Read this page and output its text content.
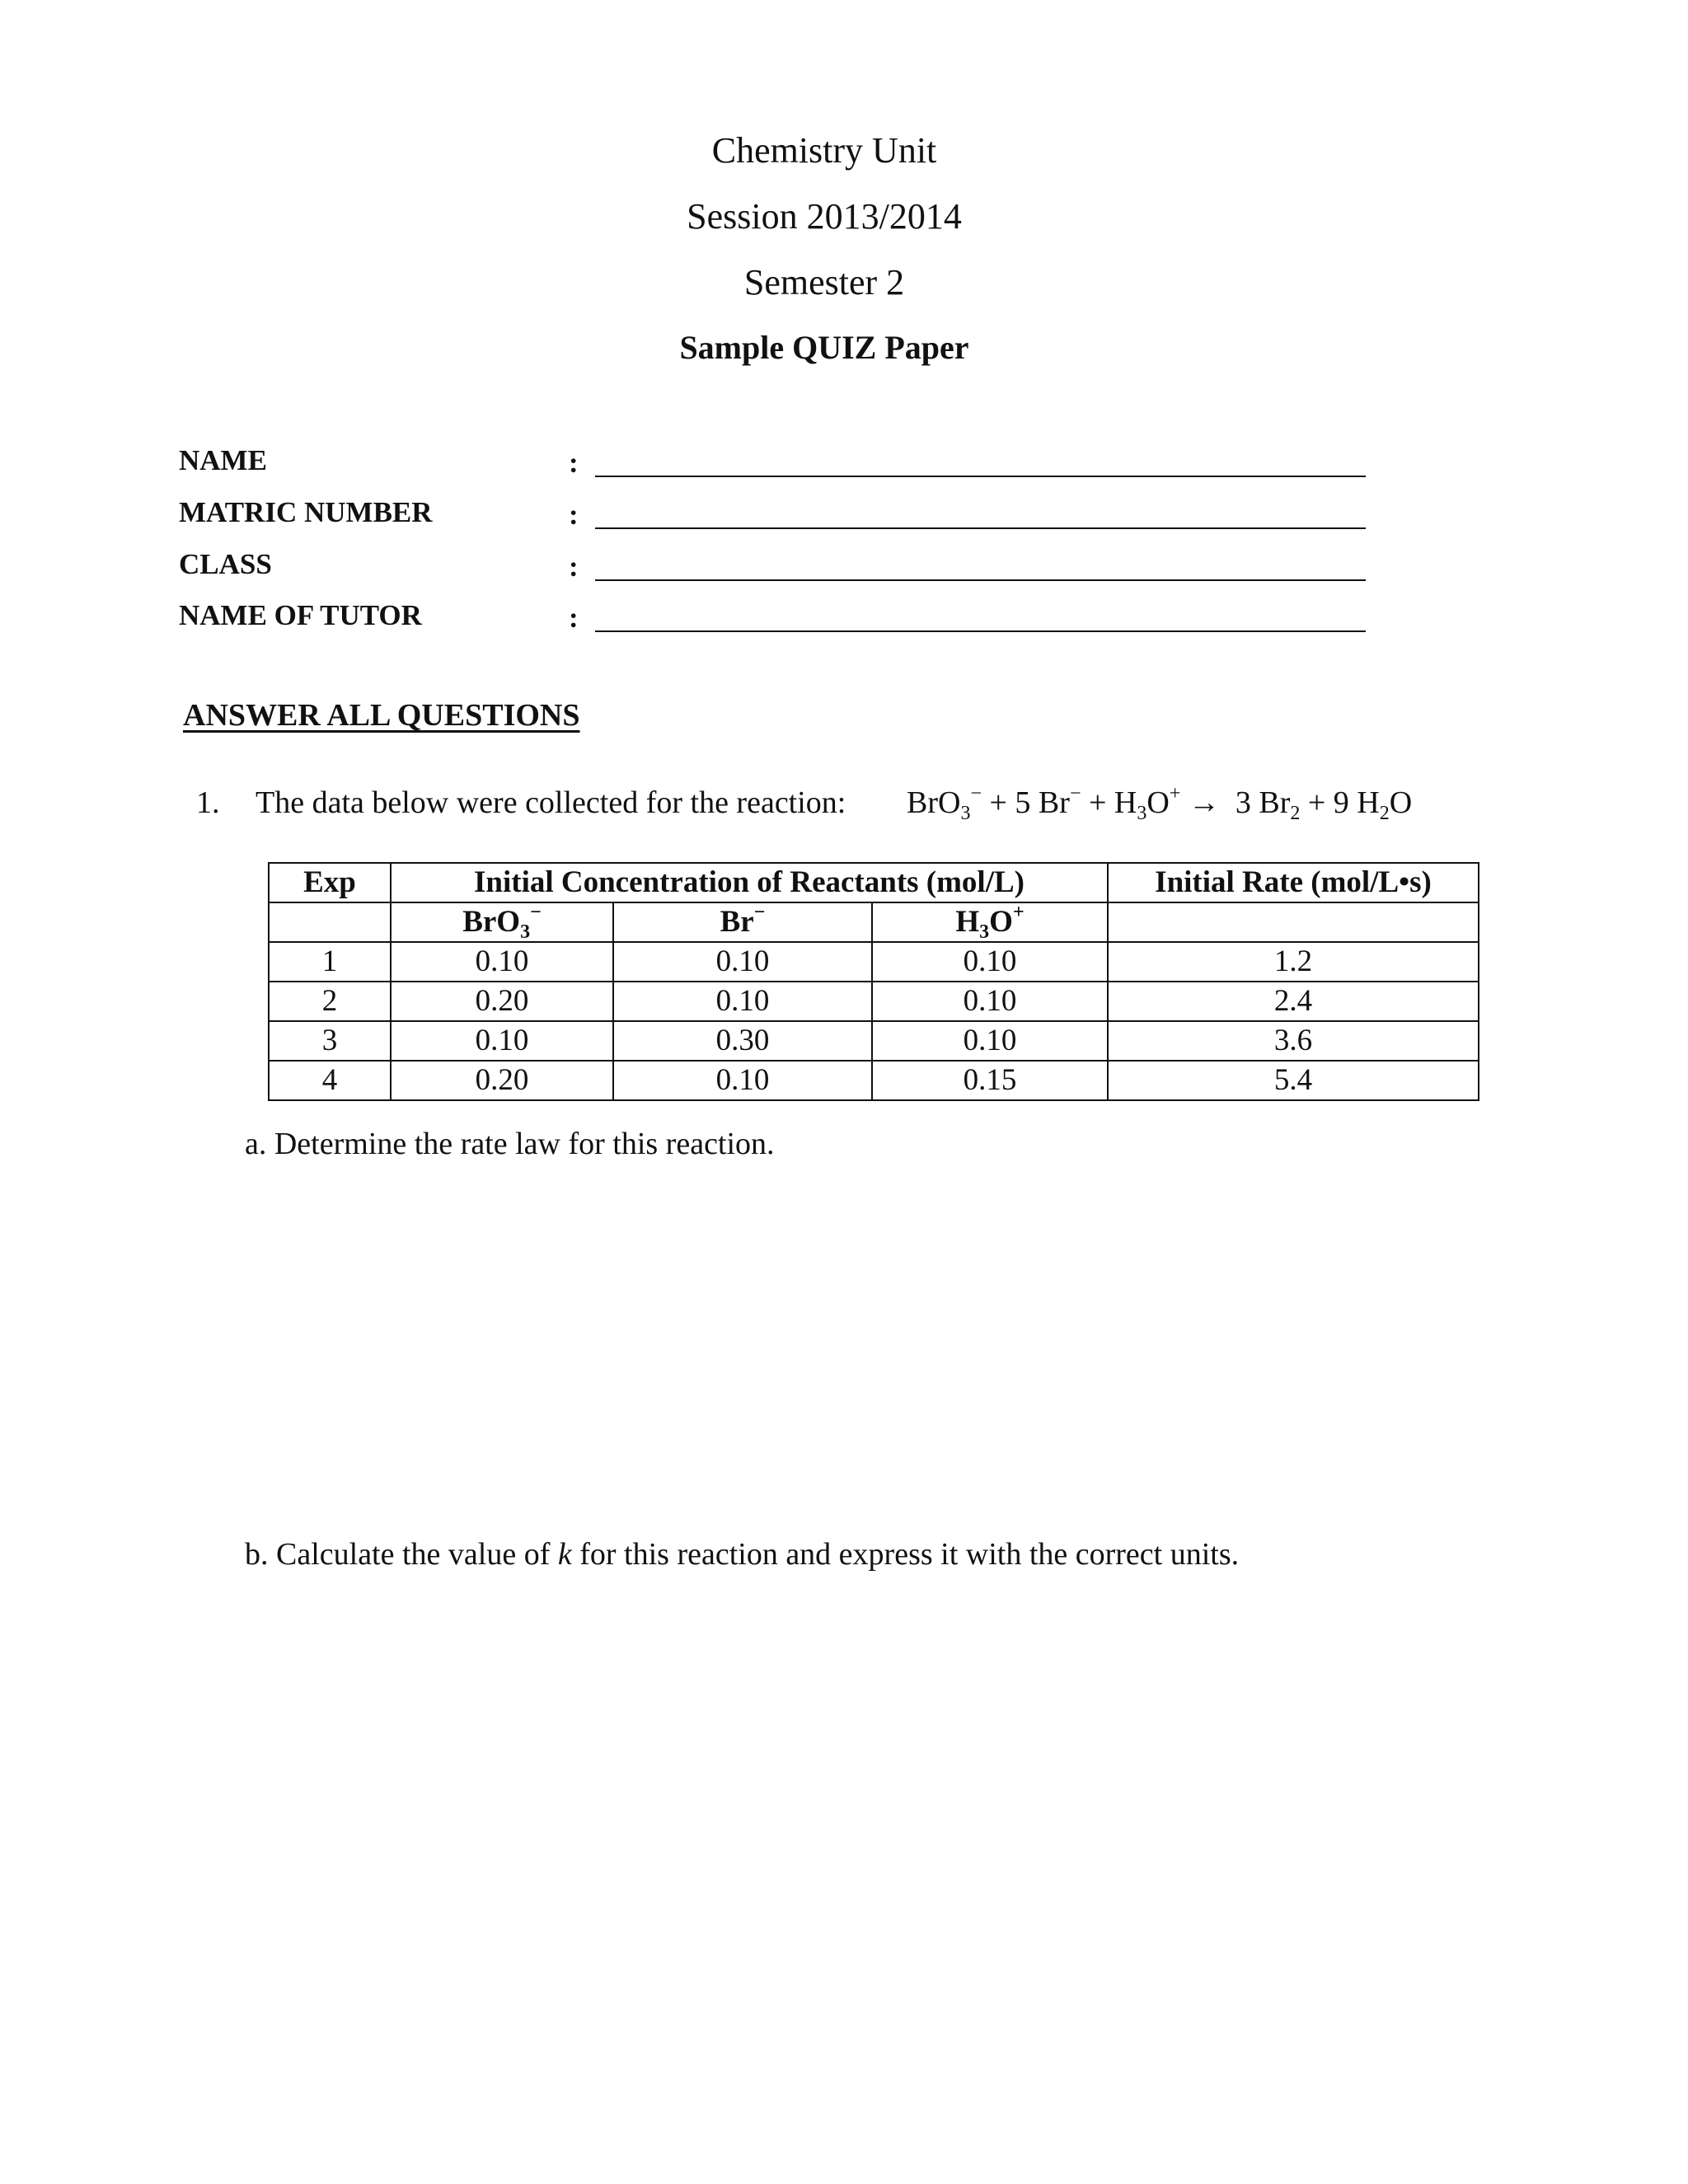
Chemistry Unit
Session 2013/2014
Semester 2
Sample QUIZ Paper
NAME	:
MATRIC NUMBER	:
CLASS	:
NAME OF TUTOR	:
ANSWER ALL QUESTIONS
1. The data below were collected for the reaction: BrO$_3$− + 5 $Br^- + H_3O^+ \to 3$ $Br_2 + 9$ $H_2O$
Exp	Initial Concentration of Reactants (mol/L)			Initial Rate (mol/L•s)
	BrO$_3$−	Br−	$H_3O^+$	
1	0.10	0.10	0.10	1.2
2	0.20	0.10	0.10	2.4
3	0.10	0.30	0.10	3.6
4	0.20	0.10	0.15	5.4
a. Determine the rate law for this reaction.
b. Calculate the value of k for this reaction and express it with the correct units.
